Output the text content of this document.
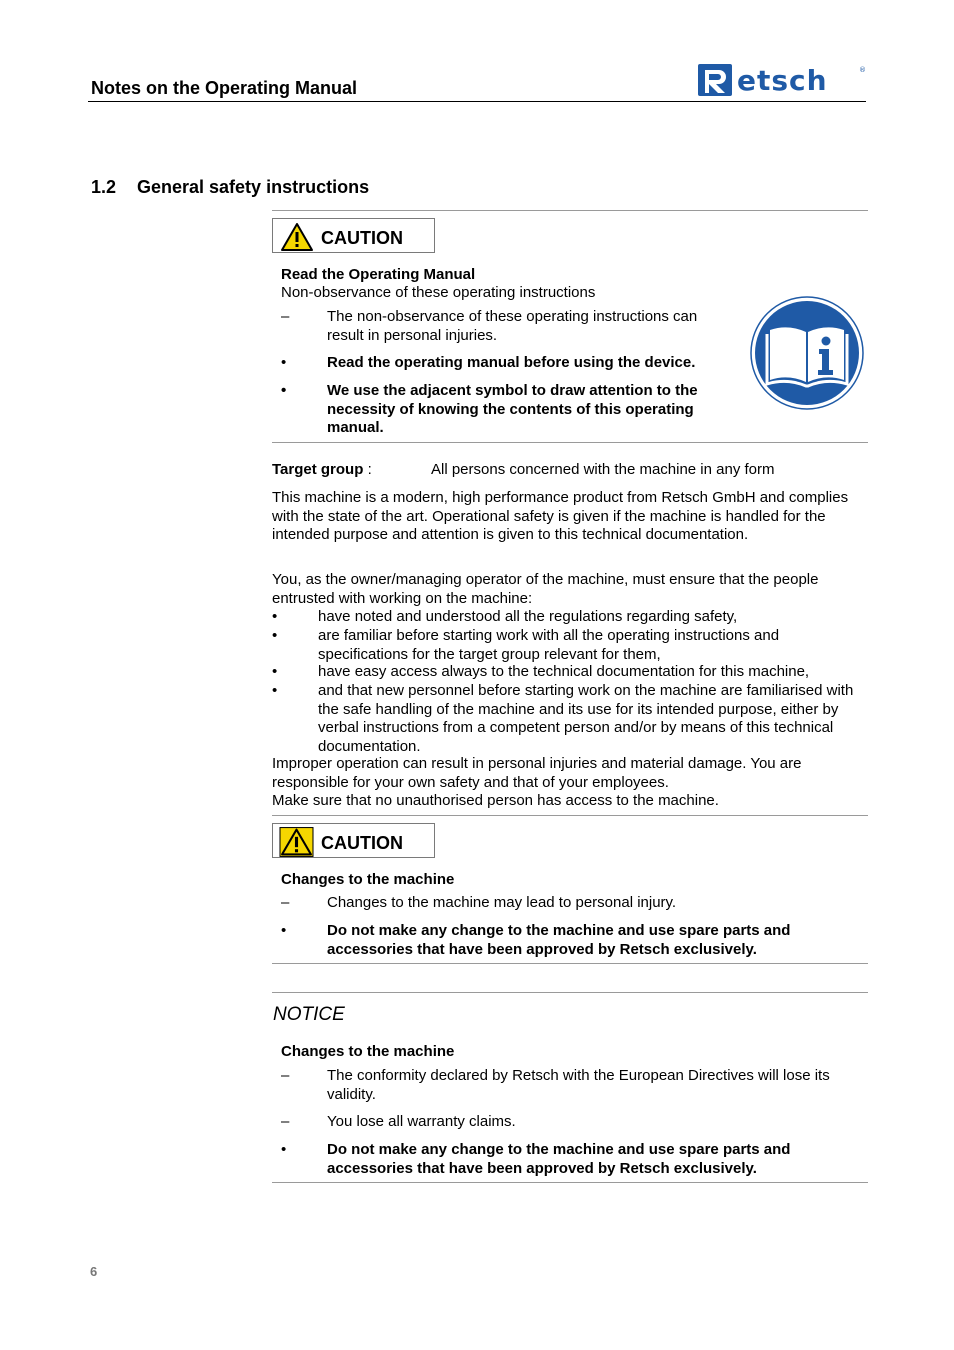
Notes on the Operating Manual	etsch	®
1.2 General safety instructions
CAUTION
Read the Operating Manual
Non-observance of these operating instructions
–	The non-observance of these operating instructions can result in personal injuries.
•	Read the operating manual before using the device.
•	We use the adjacent symbol to draw attention to the necessity of knowing the contents of this operating manual.
Target group :	All persons concerned with the machine in any form
This machine is a modern, high performance product from Retsch GmbH and complies with the state of the art. Operational safety is given if the machine is handled for the intended purpose and attention is given to this technical documentation.
You, as the owner/managing operator of the machine, must ensure that the people entrusted with working on the machine:
•	have noted and understood all the regulations regarding safety,
•	are familiar before starting work with all the operating instructions and specifications for the target group relevant for them,
•	have easy access always to the technical documentation for this machine,
•	and that new personnel before starting work on the machine are familiarised with the safe handling of the machine and its use for its intended purpose, either by verbal instructions from a competent person and/or by means of this technical documentation.
Improper operation can result in personal injuries and material damage. You are responsible for your own safety and that of your employees.
Make sure that no unauthorised person has access to the machine.
CAUTION
Changes to the machine
–	Changes to the machine may lead to personal injury.
•	Do not make any change to the machine and use spare parts and accessories that have been approved by Retsch exclusively.
NOTICE
Changes to the machine
–	The conformity declared by Retsch with the European Directives will lose its validity.
–	You lose all warranty claims.
•	Do not make any change to the machine and use spare parts and accessories that have been approved by Retsch exclusively.
6
